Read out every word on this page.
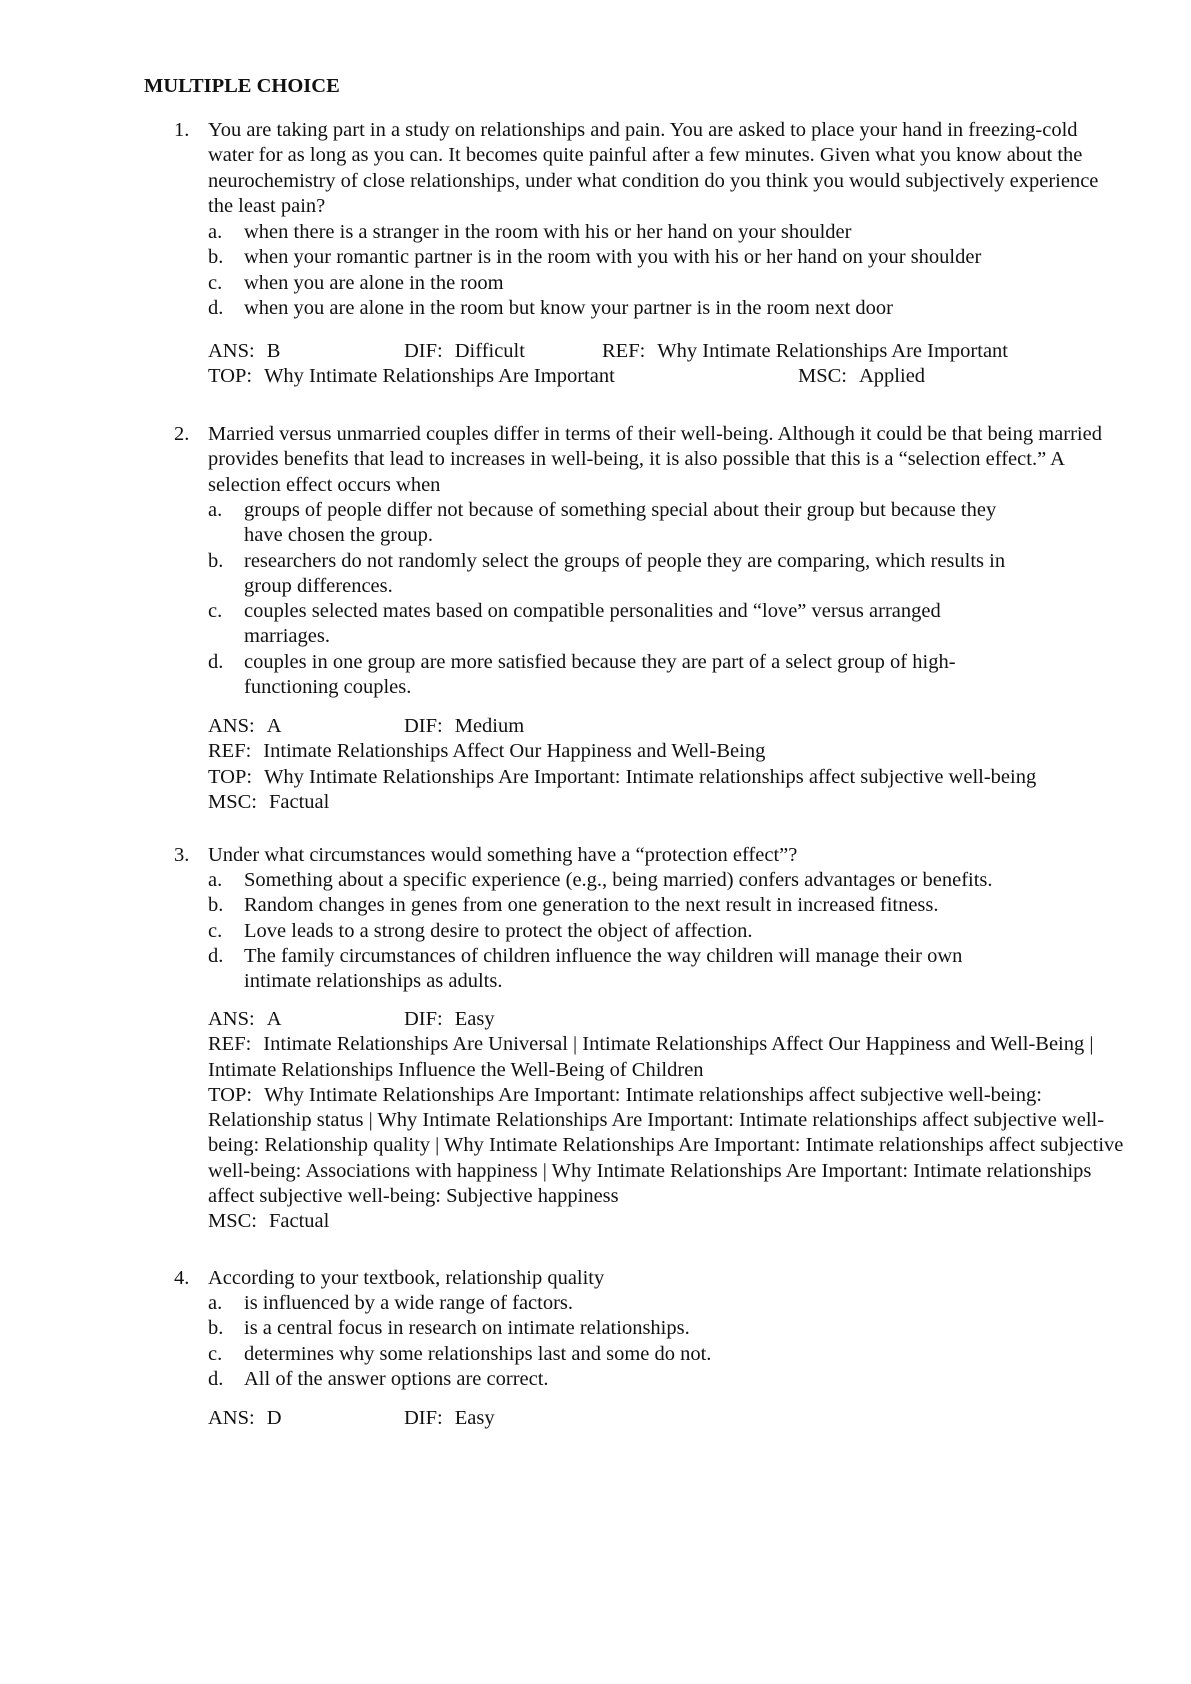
MULTIPLE CHOICE
1. You are taking part in a study on relationships and pain. You are asked to place your hand in freezing-cold water for as long as you can. It becomes quite painful after a few minutes. Given what you know about the neurochemistry of close relationships, under what condition do you think you would subjectively experience the least pain?
a. when there is a stranger in the room with his or her hand on your shoulder
b. when your romantic partner is in the room with you with his or her hand on your shoulder
c. when you are alone in the room
d. when you are alone in the room but know your partner is in the room next door
ANS: B	DIF: Difficult	REF: Why Intimate Relationships Are Important
TOP: Why Intimate Relationships Are Important	MSC: Applied
2. Married versus unmarried couples differ in terms of their well-being. Although it could be that being married provides benefits that lead to increases in well-being, it is also possible that this is a “selection effect.” A selection effect occurs when
a. groups of people differ not because of something special about their group but because they have chosen the group.
b. researchers do not randomly select the groups of people they are comparing, which results in group differences.
c. couples selected mates based on compatible personalities and “love” versus arranged marriages.
d. couples in one group are more satisfied because they are part of a select group of high-functioning couples.
ANS: A	DIF: Medium
REF: Intimate Relationships Affect Our Happiness and Well-Being
TOP: Why Intimate Relationships Are Important: Intimate relationships affect subjective well-being
MSC: Factual
3. Under what circumstances would something have a “protection effect”?
a. Something about a specific experience (e.g., being married) confers advantages or benefits.
b. Random changes in genes from one generation to the next result in increased fitness.
c. Love leads to a strong desire to protect the object of affection.
d. The family circumstances of children influence the way children will manage their own intimate relationships as adults.
ANS: A	DIF: Easy
REF: Intimate Relationships Are Universal | Intimate Relationships Affect Our Happiness and Well-Being | Intimate Relationships Influence the Well-Being of Children
TOP: Why Intimate Relationships Are Important: Intimate relationships affect subjective well-being: Relationship status | Why Intimate Relationships Are Important: Intimate relationships affect subjective well-being: Relationship quality | Why Intimate Relationships Are Important: Intimate relationships affect subjective well-being: Associations with happiness | Why Intimate Relationships Are Important: Intimate relationships affect subjective well-being: Subjective happiness
MSC: Factual
4. According to your textbook, relationship quality
a. is influenced by a wide range of factors.
b. is a central focus in research on intimate relationships.
c. determines why some relationships last and some do not.
d. All of the answer options are correct.
ANS: D	DIF: Easy
